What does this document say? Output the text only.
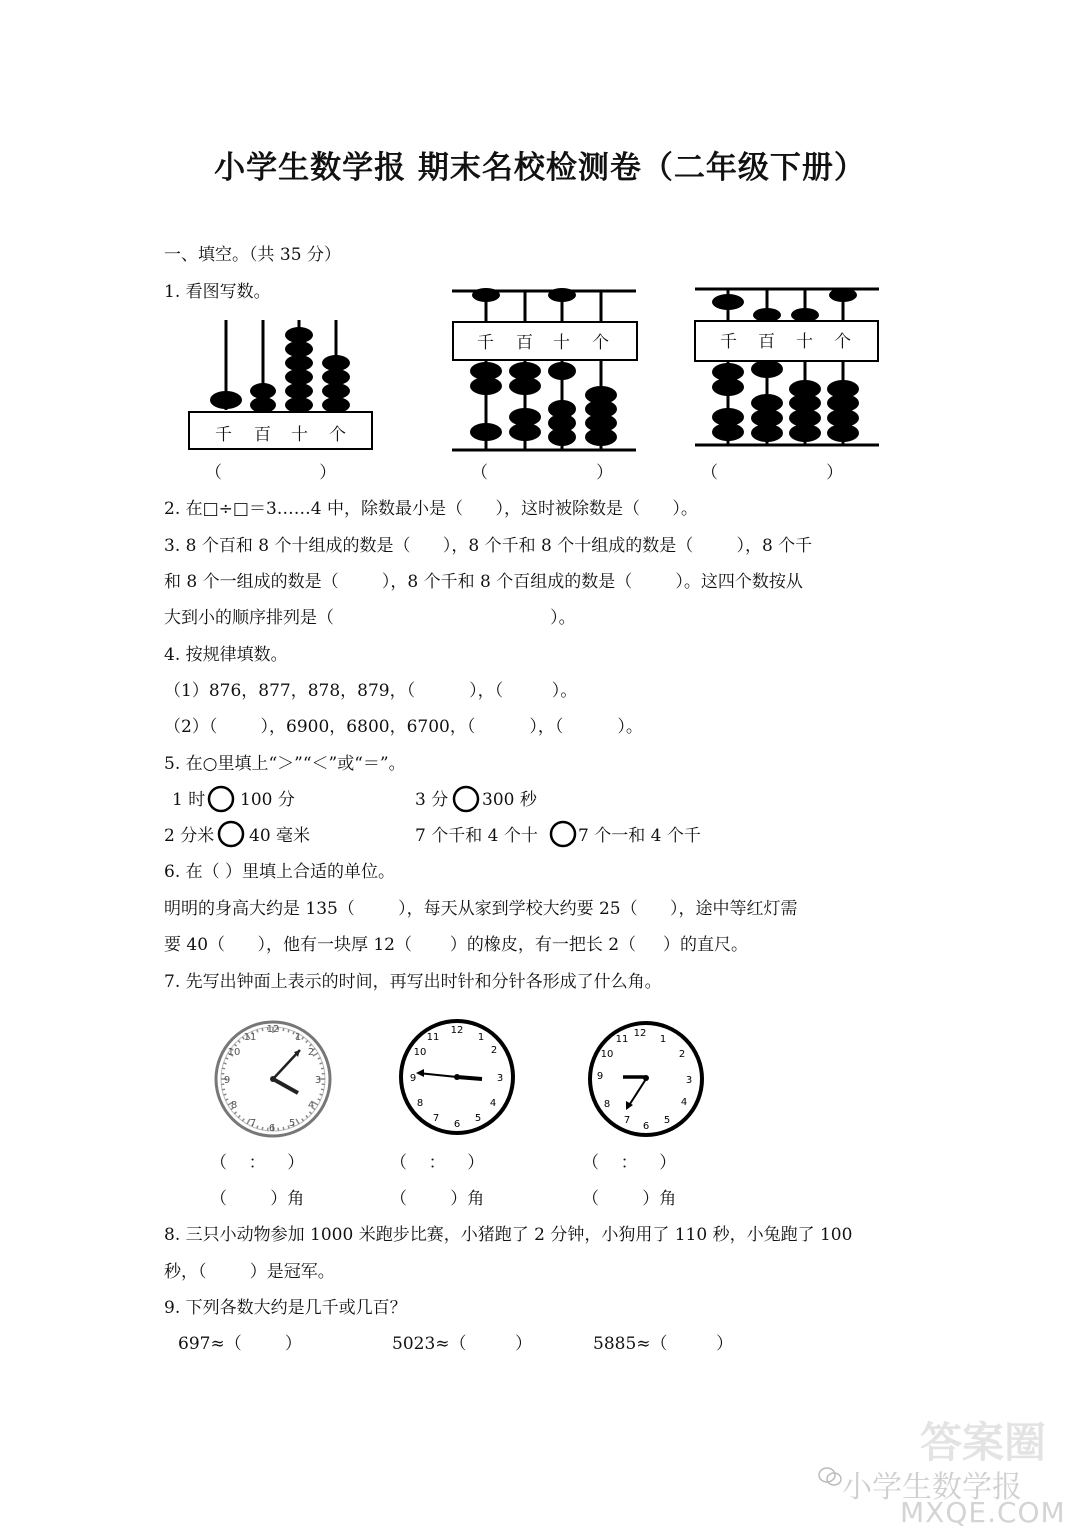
小学生数学报 期末名校检测卷（二年级下册）
一、填空。（共 35 分）
1. 看图写数。
千 百 十 个
千 百 十 个	千 百 十 个
（                  ）	（                    ）	（                    ）
2. 在□÷□＝3……4 中，除数最小是（      ），这时被除数是（      ）。
3. 8 个百和 8 个十组成的数是（      ），8 个千和 8 个十组成的数是（        ），8 个千
和 8 个一组成的数是（        ），8 个千和 8 个百组成的数是（        ）。这四个数按从
大到小的顺序排列是（                                        ）。
4. 按规律填数。
（1）876，877，878，879，（          ），（         ）。
（2）（        ），6900，6800，6700，（          ），（          ）。
5. 在○里填上“＞”“＜”或“＝”。
1 时 100 分	3 分 300 秒
2 分米 40 毫米	7 个千和 4 个十 7 个一和 4 个千
6. 在（ ）里填上合适的单位。
明明的身高大约是 135（        ），每天从家到学校大约要 25（      ），途中等红灯需
要 40（      ），他有一块厚 12（       ）的橡皮，有一把长 2（     ）的直尺。
7. 先写出钟面上表示的时间，再写出时针和分针各形成了什么角。
12
1
2
3
4
5
6
7
8
9
10
11
12
1
2
3
4
5
6
7
8
9
10
11	12
1
2
3
4
5
6
7
8
9
10
11
（    ：    ）	（    ：    ）	（    ：    ）
（        ）角	（        ）角	（        ）角
8. 三只小动物参加 1000 米跑步比赛，小猪跑了 2 分钟，小狗用了 110 秒，小兔跑了 100
秒，（        ）是冠军。
9. 下列各数大约是几千或几百？
697≈（        ）	5023≈（         ）	5885≈（         ）
答案圈
小学生数学报
MXQE.COM
